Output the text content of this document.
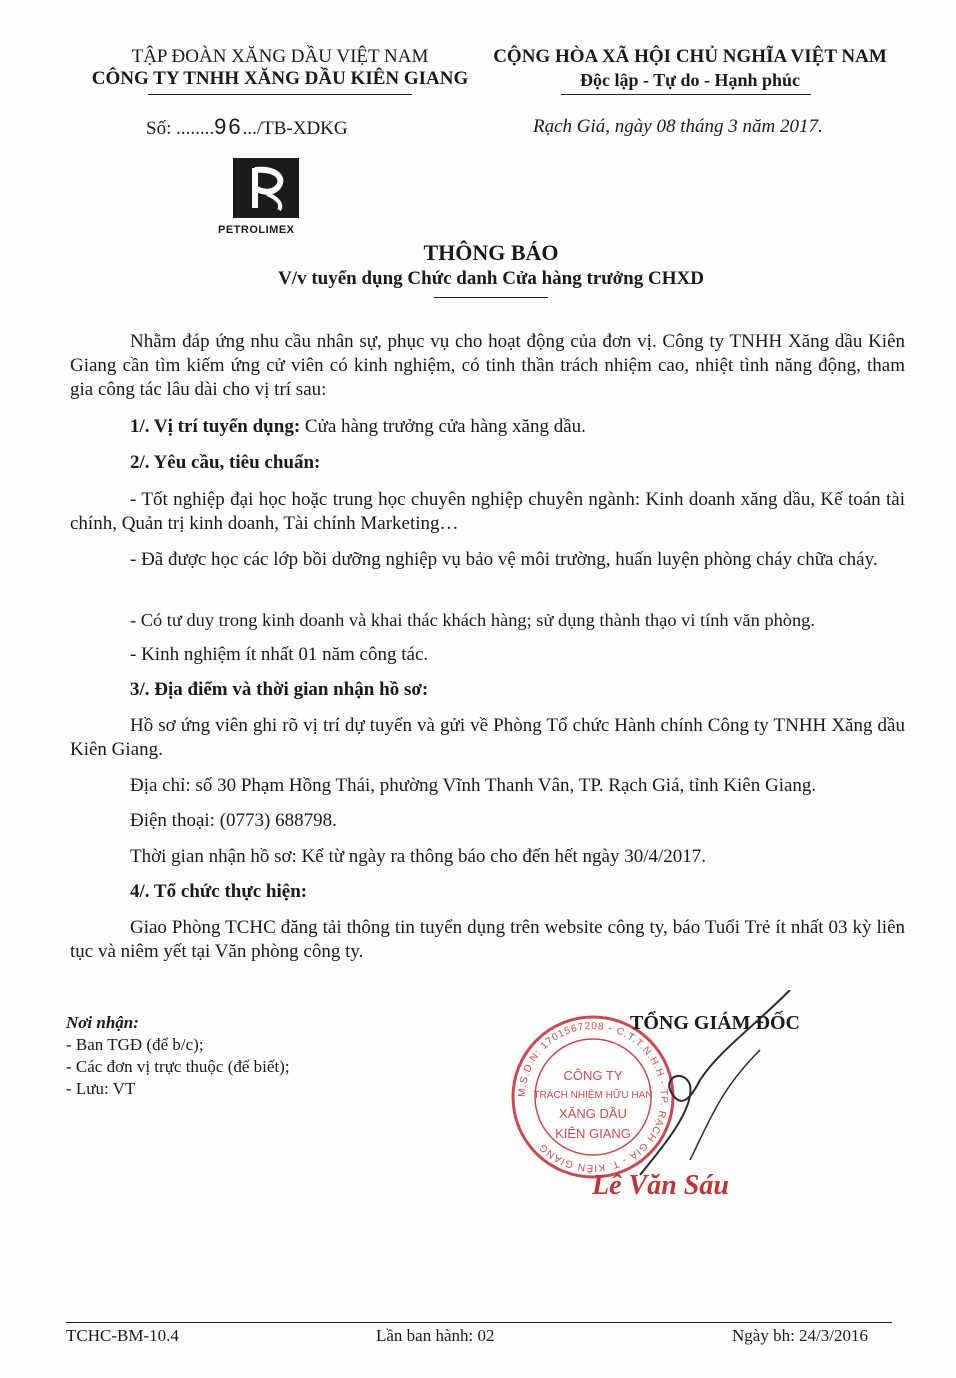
TẬP ĐOÀN XĂNG DẦU VIỆT NAM
CÔNG TY TNHH XĂNG DẦU KIÊN GIANG
CỘNG HÒA XÃ HỘI CHỦ NGHĨA VIỆT NAM
Độc lập - Tự do - Hạnh phúc
Số: ........96.../TB-XDKG	Rạch Giá, ngày 08 tháng 3 năm 2017.
PETROLIMEX
THÔNG BÁO
V/v tuyển dụng Chức danh Cửa hàng trưởng CHXD
Nhằm đáp ứng nhu cầu nhân sự, phục vụ cho hoạt động của đơn vị. Công ty TNHH Xăng dầu Kiên Giang cần tìm kiếm ứng cử viên có kinh nghiệm, có tinh thần trách nhiệm cao, nhiệt tình năng động, tham gia công tác lâu dài cho vị trí sau:
1/. Vị trí tuyển dụng: Cửa hàng trưởng cửa hàng xăng dầu.
2/. Yêu cầu, tiêu chuẩn:
- Tốt nghiệp đại học hoặc trung học chuyên nghiệp chuyên ngành: Kinh doanh xăng dầu, Kế toán tài chính, Quản trị kinh doanh, Tài chính Marketing…
- Đã được học các lớp bồi dưỡng nghiệp vụ bảo vệ môi trường, huấn luyện phòng cháy chữa cháy.
- Có tư duy trong kinh doanh và khai thác khách hàng; sử dụng thành thạo vi tính văn phòng.
- Kinh nghiệm ít nhất 01 năm công tác.
3/. Địa điểm và thời gian nhận hồ sơ:
Hồ sơ ứng viên ghi rõ vị trí dự tuyển và gửi về Phòng Tổ chức Hành chính Công ty TNHH Xăng dầu Kiên Giang.
Địa chỉ: số 30 Phạm Hồng Thái, phường Vĩnh Thanh Vân, TP. Rạch Giá, tỉnh Kiên Giang.
Điện thoại: (0773) 688798.
Thời gian nhận hồ sơ: Kể từ ngày ra thông báo cho đến hết ngày 30/4/2017.
4/. Tổ chức thực hiện:
Giao Phòng TCHC đăng tải thông tin tuyển dụng trên website công ty, báo Tuổi Trẻ ít nhất 03 kỳ liên tục và niêm yết tại Văn phòng công ty.
Nơi nhận:
- Ban TGĐ (để b/c);
- Các đơn vị trực thuộc (để biết);
- Lưu: VT	M.S.D.N: 1701567208 - C.T.T.N.H.H - TP. RẠCH GIÁ - T. KIÊN GIANG
CÔNG TY
TRÁCH NHIỆM HỮU HẠN
XĂNG DẦU
KIÊN GIANG
TỔNG GIÁM ĐỐC
Lê Văn Sáu
TCHC-BM-10.4	Lần ban hành: 02	Ngày bh: 24/3/2016
